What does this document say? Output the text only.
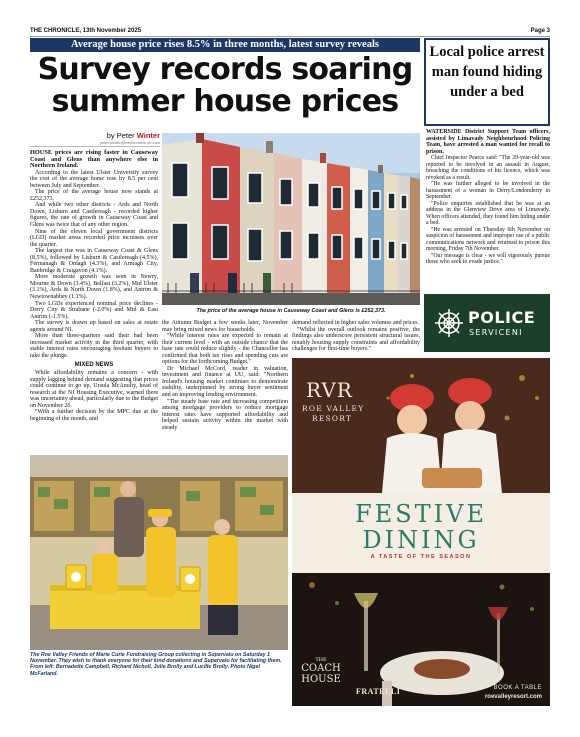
THE CHRONICLE, 13th November 2025	Page 3
Average house price rises 8.5% in three months, latest survey reveals
Survey records soaring summer house prices
by Peter Winter
peter.winter@thechronicle.uk.com

HOUSE prices are rising faster in Causeway Coast and Glens than anywhere else in Northern Ireland.

According to the latest Ulster University survey the cost of the average home rose by 8.5 per cent between July and September.

The price of the average house now stands at £252,373.

And while two other districts - Ards and North Down, Lisburn and Castlereagh - recorded higher figures, the rate of growth in Causeway Coast and Glens was twice that of any other region.

Nine of the eleven local government districts (LGD) market areas recorded price increases over the quarter.

The largest rise was in Causeway Coast & Glens (8.5%), followed by Lisburn & Castlereagh (4.5%), Fermanagh & Omagh (4.3%), and Armagh City, Banbridge & Craigavon (4.1%).

More moderate growth was seen in Newry, Mourne & Down (3.4%), Belfast (3.2%), Mid Ulster (3.1%), Ards & North Down (1.8%), and Antrim & Newtownabbey (1.1%).

Two LGDs experienced nominal price declines - Derry City & Strabane (-2.0%) and Mid & East Antrim (-1.5%).

The survey is drawn up based on sales at estate agents around NI.

More than three-quarters said their had been increased market activity in the third quarter, with stable interest rates encouraging hesitant buyers to take the plunge.

MIXED NEWS

While affordability remains a concern - with supply lagging behind demand suggesting that prices could continue to go up, Ursula McAnulty, head of research at the NI Housing Executive, warned there was uncertainty ahead, particularly due to the Budget on November 26.

"With a further decision by the MPC due at the beginning of the month, and

The price of the average house in Causeway Coast and Glens is £252,373.

the Autumn Budget a few weeks later, November may bring mixed news for households.

"While interest rates are expected to remain at their current level - with an outside chance that the base rate could reduce slightly - the Chancellor has confirmed that both tax rises and spending cuts are options for the forthcoming Budget."

Dr Michael McCord, reader in valuation, investment and finance at UU, said: "Northern Ireland's housing market continues to demonstrate stability, underpinned by strong buyer sentiment and an improving lending environment.

"The steady base rate and increasing competition among mortgage providers to reduce mortgage interest rates have supported affordability and helped sustain activity within the market with steady

demand reflected in higher sales volumes and prices.

"Whilst the overall outlook remains positive, the findings also underscore persistent structural issues, notably housing supply constraints and affordability challenges for first-time buyers."

The Roe Valley Friends of Marie Curie Fundraising Group collecting in Supervalu on Saturday 1 November. They wish to thank everyone for their kind donations and Supervalu for facilitating them. From left: Bernadette Campbell, Richard Nicholl, Julie Brolly and Lucille Brolly. Photo Nigel McFarland.
Local police arrest man found hiding under a bed

WATERSIDE District Support Team officers, assisted by Limavady Neighbourhood Policing Team, have arrested a man wanted for recall to prison.

Chief Inspector Pearce said: "The 29-year-old was reported to be involved in an assault in August, breaching the conditions of his licence, which was revoked as a result.

"He was further alleged to be involved in the harassment of a woman in Derry/Londonderry in September.

"Police enquiries established that he was at an address in the Glenview Drive area of Limavady. When officers attended, they found him hiding under a bed.

"He was arrested on Thursday 6th November on suspicion of harassment and improper use of a public communications network and returned to prison this morning, Friday 7th November.

"Our message is clear - we will vigorously pursue those who seek to evade justice."

POLICE
SERVICENI
RVR
ROE VALLEY
RESORT
FESTIVE
DINING
A TASTE OF THE SEASON
THE
COACH
HOUSE
FRATELLI	BOOK A TABLE
roevalleyresort.com
